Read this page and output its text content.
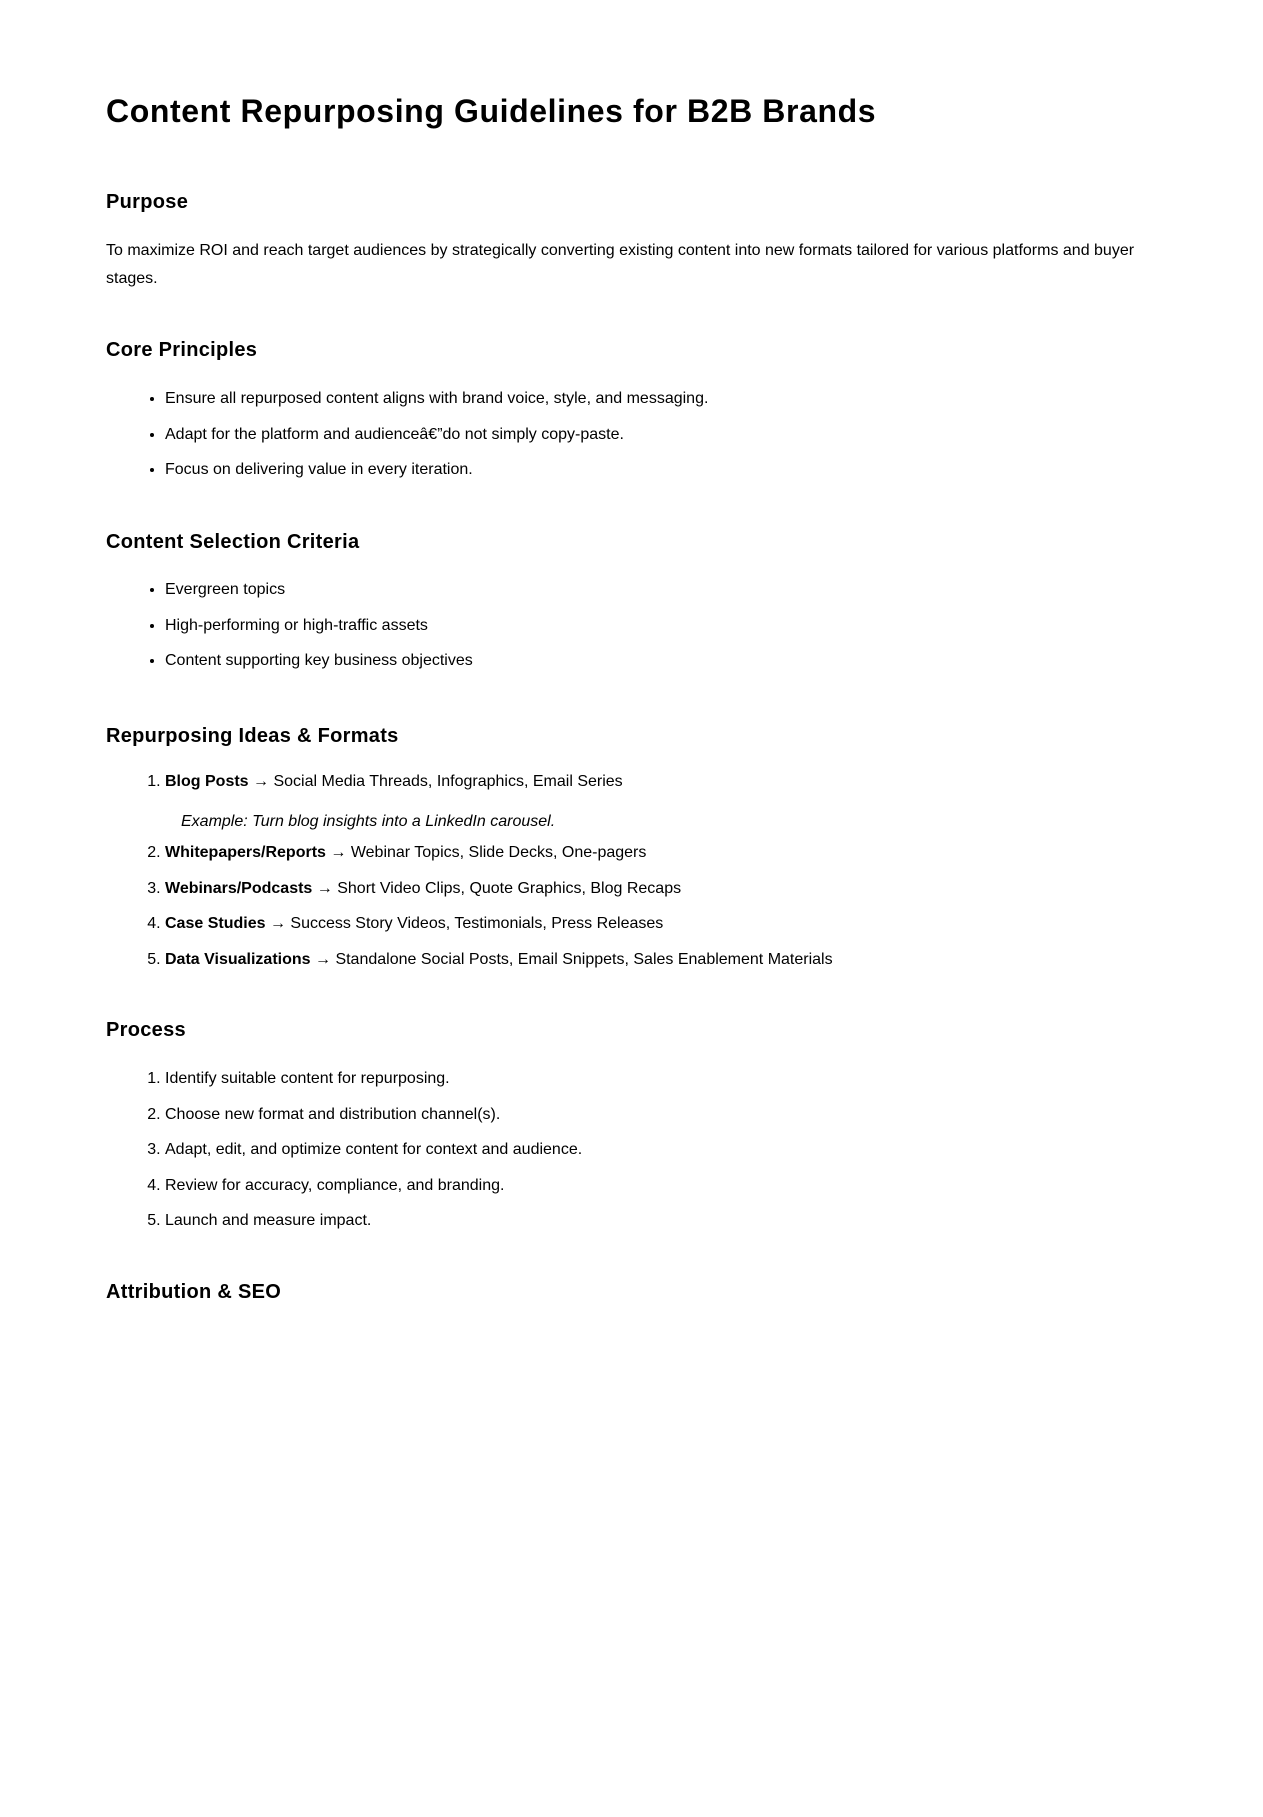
Content Repurposing Guidelines for B2B Brands
Purpose

To maximize ROI and reach target audiences by strategically converting existing content into new formats tailored for various platforms and buyer stages.

Core Principles
• Ensure all repurposed content aligns with brand voice, style, and messaging.
• Adapt for the platform and audienceâ€”do not simply copy-paste.
• Focus on delivering value in every iteration.
Content Selection Criteria
• Evergreen topics
• High-performing or high-traffic assets
• Content supporting key business objectives
Repurposing Ideas & Formats
1. Blog Posts → Social Media Threads, Infographics, Email Series
2. Whitepapers/Reports → Webinar Topics, Slide Decks, One-pagers
3. Webinars/Podcasts → Short Video Clips, Quote Graphics, Blog Recaps
4. Case Studies → Success Story Videos, Testimonials, Press Releases
5. Data Visualizations → Standalone Social Posts, Email Snippets, Sales Enablement Materials
Example: Turn blog insights into a LinkedIn carousel.
Process
1. Identify suitable content for repurposing.
2. Choose new format and distribution channel(s).
3. Adapt, edit, and optimize content for context and audience.
4. Review for accuracy, compliance, and branding.
5. Launch and measure impact.
Attribution & SEO
